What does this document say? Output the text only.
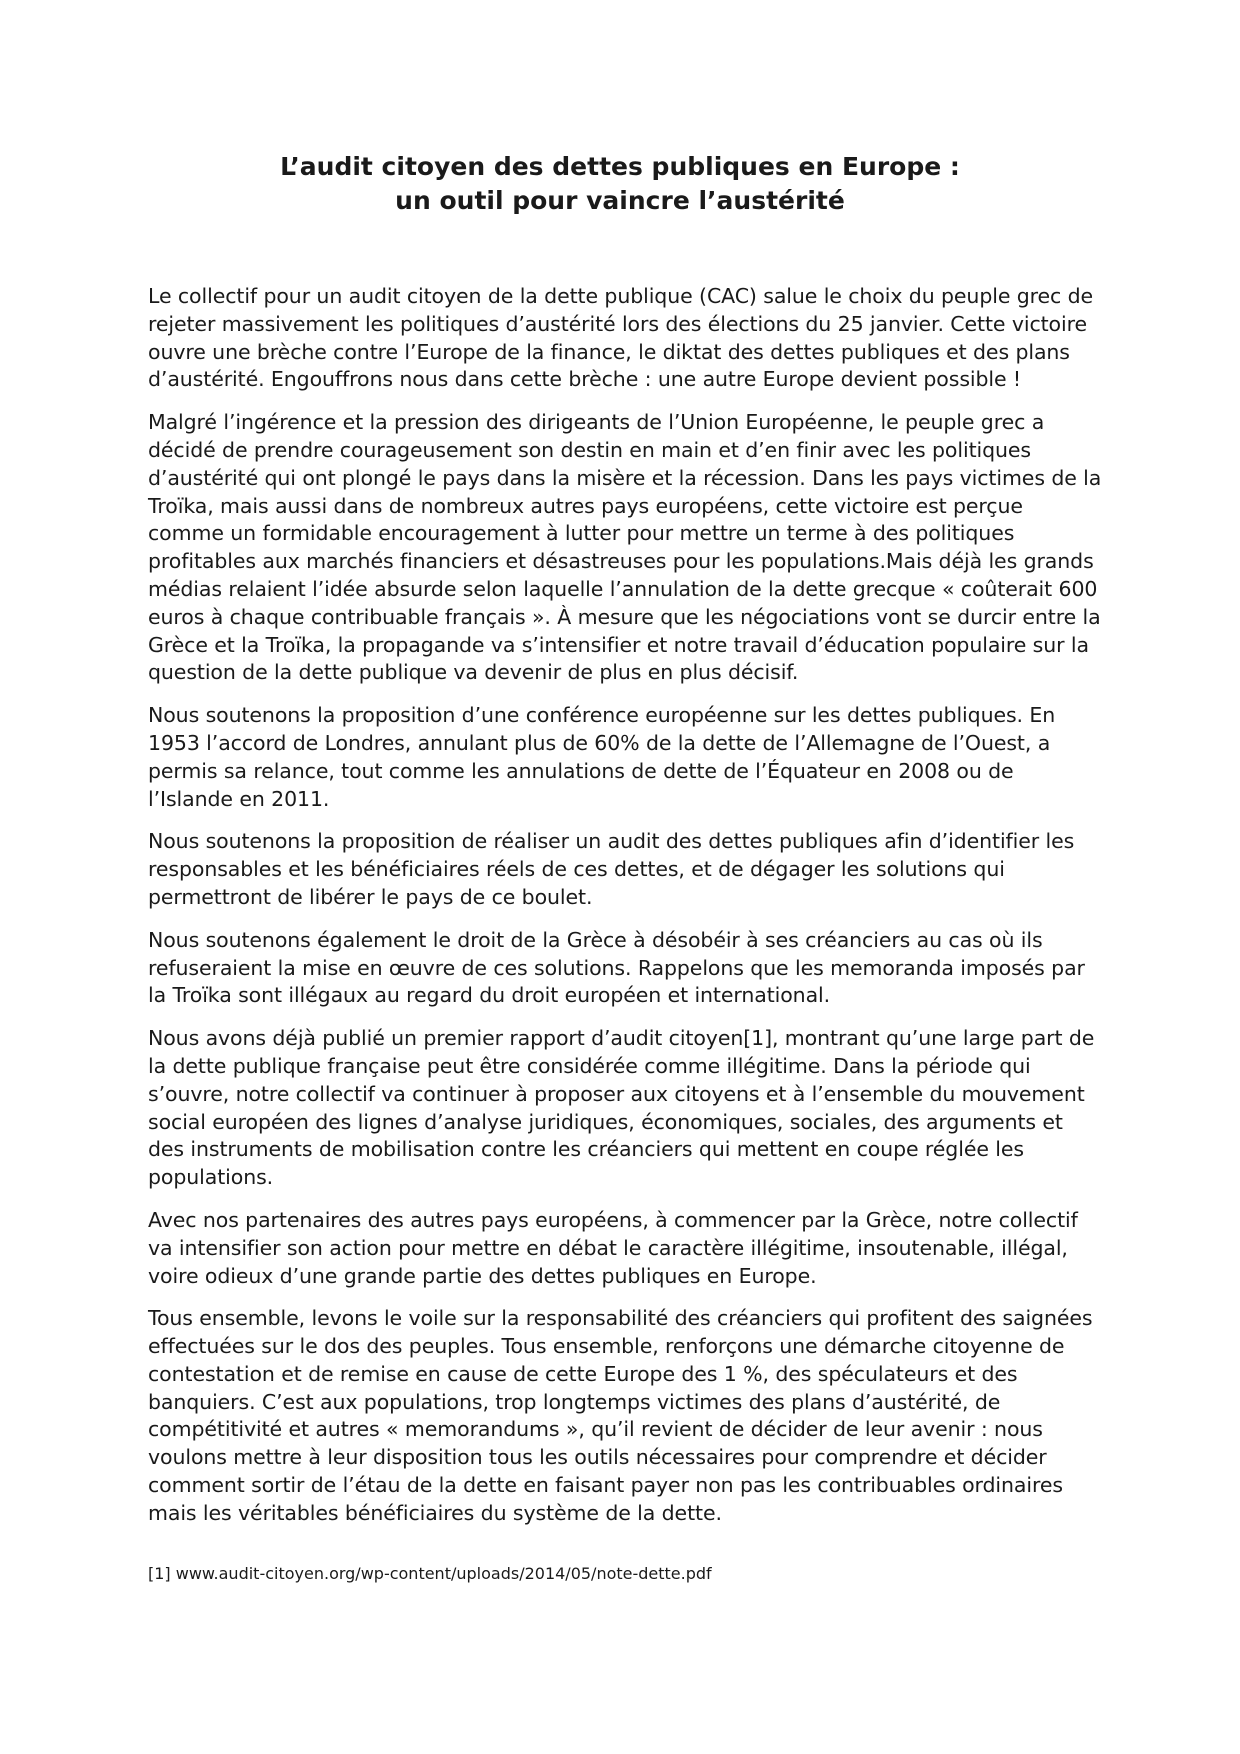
L’audit citoyen des dettes publiques en Europe :
un outil pour vaincre l’austérité

Le collectif pour un audit citoyen de la dette publique (CAC) salue le choix du peuple grec de rejeter massivement les politiques d’austérité lors des élections du 25 janvier. Cette victoire ouvre une brèche contre l’Europe de la finance, le diktat des dettes publiques et des plans d’austérité. Engouffrons nous dans cette brèche : une autre Europe devient possible !

Malgré l’ingérence et la pression des dirigeants de l’Union Européenne, le peuple grec a décidé de prendre courageusement son destin en main et d’en finir avec les politiques d’austérité qui ont plongé le pays dans la misère et la récession. Dans les pays victimes de la Troïka, mais aussi dans de nombreux autres pays européens, cette victoire est perçue comme un formidable encouragement à lutter pour mettre un terme à des politiques profitables aux marchés financiers et désastreuses pour les populations.Mais déjà les grands médias relaient l’idée absurde selon laquelle l’annulation de la dette grecque « coûterait 600 euros à chaque contribuable français ». À mesure que les négociations vont se durcir entre la Grèce et la Troïka, la propagande va s’intensifier et notre travail d’éducation populaire sur la question de la dette publique va devenir de plus en plus décisif.

Nous soutenons la proposition d’une conférence européenne sur les dettes publiques. En 1953 l’accord de Londres, annulant plus de 60% de la dette de l’Allemagne de l’Ouest, a permis sa relance, tout comme les annulations de dette de l’Équateur en 2008 ou de l’Islande en 2011.

Nous soutenons la proposition de réaliser un audit des dettes publiques afin d’identifier les responsables et les bénéficiaires réels de ces dettes, et de dégager les solutions qui permettront de libérer le pays de ce boulet.

Nous soutenons également le droit de la Grèce à désobéir à ses créanciers au cas où ils refuseraient la mise en œuvre de ces solutions. Rappelons que les memoranda imposés par la Troïka sont illégaux au regard du droit européen et international.

Nous avons déjà publié un premier rapport d’audit citoyen[1], montrant qu’une large part de la dette publique française peut être considérée comme illégitime. Dans la période qui s’ouvre, notre collectif va continuer à proposer aux citoyens et à l’ensemble du mouvement social européen des lignes d’analyse juridiques, économiques, sociales, des arguments et des instruments de mobilisation contre les créanciers qui mettent en coupe réglée les populations.

Avec nos partenaires des autres pays européens, à commencer par la Grèce, notre collectif va intensifier son action pour mettre en débat le caractère illégitime, insoutenable, illégal, voire odieux d’une grande partie des dettes publiques en Europe.

Tous ensemble, levons le voile sur la responsabilité des créanciers qui profitent des saignées effectuées sur le dos des peuples. Tous ensemble, renforçons une démarche citoyenne de contestation et de remise en cause de cette Europe des 1 %, des spéculateurs et des banquiers. C’est aux populations, trop longtemps victimes des plans d’austérité, de compétitivité et autres « memorandums », qu’il revient de décider de leur avenir : nous voulons mettre à leur disposition tous les outils nécessaires pour comprendre et décider comment sortir de l’étau de la dette en faisant payer non pas les contribuables ordinaires mais les véritables bénéficiaires du système de la dette.

[1] www.audit-citoyen.org/wp-content/uploads/2014/05/note-dette.pdf
